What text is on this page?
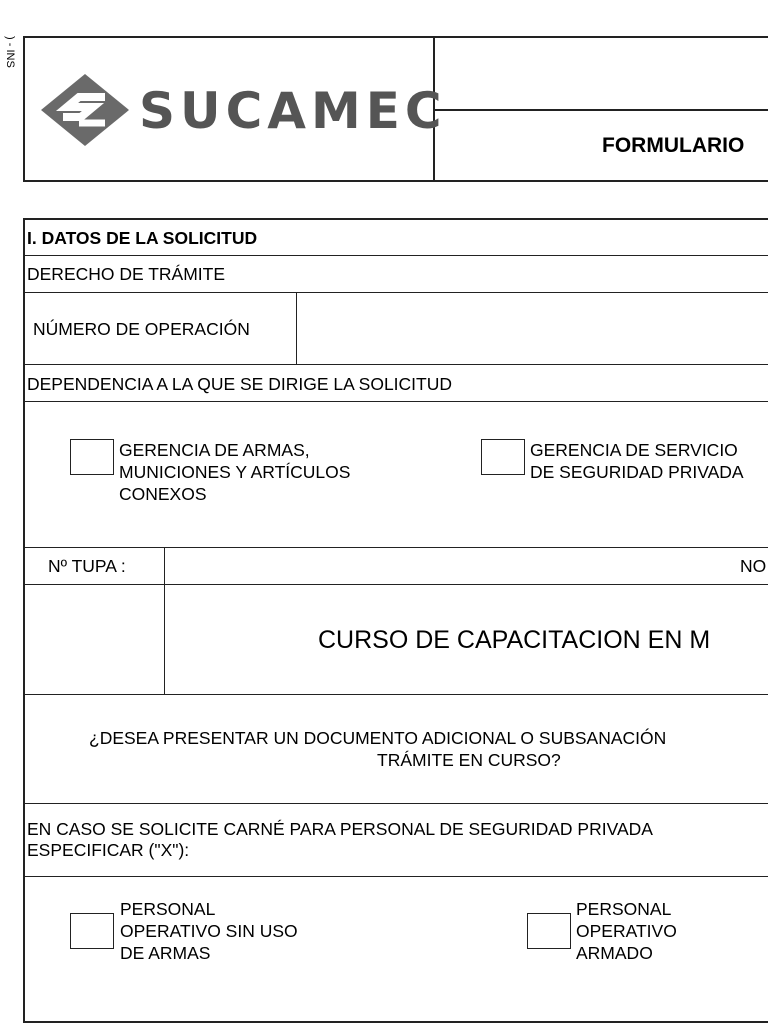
) - INS
SUCAMEC
FORMULARIO
I. DATOS DE LA SOLICITUD
DERECHO DE TRÁMITE
NÚMERO DE OPERACIÓN
DEPENDENCIA A LA QUE SE DIRIGE LA SOLICITUD
GERENCIA DE ARMAS,
MUNICIONES Y ARTÍCULOS
CONEXOS
GERENCIA DE SERVICIO
DE SEGURIDAD PRIVADA
Nº TUPA :	NO
CURSO DE CAPACITACION EN M
¿DESEA PRESENTAR UN DOCUMENTO ADICIONAL O SUBSANACIÓN
TRÁMITE EN CURSO?
EN CASO SE SOLICITE CARNÉ PARA PERSONAL DE SEGURIDAD PRIVADA
ESPECIFICAR ("X"):
PERSONAL
OPERATIVO SIN USO
DE ARMAS
PERSONAL
OPERATIVO
ARMADO
